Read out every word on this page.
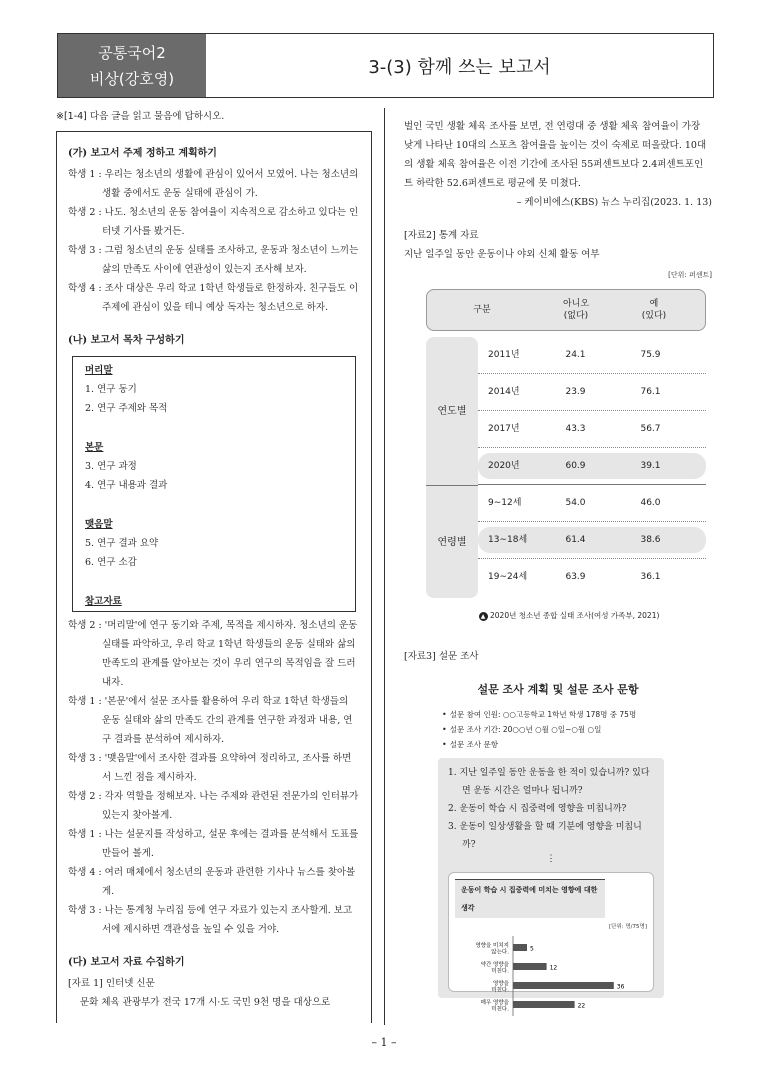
공통국어2
비상(강호영)
3-(3) 함께 쓰는 보고서
※[1-4] 다음 글을 읽고 물음에 답하시오.
(가) 보고서 주제 정하고 계획하기
학생 1 : 우리는 청소년의 생활에 관심이 있어서 모였어. 나는 청소년의 생활 중에서도 운동 실태에 관심이 가.
학생 2 : 나도. 청소년의 운동 참여율이 지속적으로 감소하고 있다는 인터넷 기사를 봤거든.
학생 3 : 그럼 청소년의 운동 실태를 조사하고, 운동과 청소년이 느끼는 삶의 만족도 사이에 연관성이 있는지 조사해 보자.
학생 4 : 조사 대상은 우리 학교 1학년 학생들로 한정하자. 친구들도 이 주제에 관심이 있을 테니 예상 독자는 청소년으로 하자.
(나) 보고서 목차 구성하기
머리말
1. 연구 동기
2. 연구 주제와 목적
본문
3. 연구 과정
4. 연구 내용과 결과
맺음말
5. 연구 결과 요약
6. 연구 소감
참고자료
학생 2 : '머리말'에 연구 동기와 주제, 목적을 제시하자. 청소년의 운동 실태를 파악하고, 우리 학교 1학년 학생들의 운동 실태와 삶의 만족도의 관계를 알아보는 것이 우리 연구의 목적임을 잘 드러내자.
학생 1 : '본문'에서 설문 조사를 활용하여 우리 학교 1학년 학생들의 운동 실태와 삶의 만족도 간의 관계를 연구한 과정과 내용, 연구 결과를 분석하여 제시하자.
학생 3 : '맺음말'에서 조사한 결과를 요약하여 정리하고, 조사를 하면서 느낀 점을 제시하자.
학생 2 : 각자 역할을 정해보자. 나는 주제와 관련된 전문가의 인터뷰가 있는지 찾아볼게.
학생 1 : 나는 설문지를 작성하고, 설문 후에는 결과를 분석해서 도표를 만들어 볼게.
학생 4 : 여러 매체에서 청소년의 운동과 관련한 기사나 뉴스를 찾아볼게.
학생 3 : 나는 통계청 누리집 등에 연구 자료가 있는지 조사할게. 보고서에 제시하면 객관성을 높일 수 있을 거야.
(다) 보고서 자료 수집하기
[자료 1] 인터넷 신문
문화 체육 관광부가 전국 17개 시·도 국민 9천 명을 대상으로
벌인 국민 생활 체육 조사를 보면, 전 연령대 중 생활 체육 참여율이 가장 낮게 나타난 10대의 스포츠 참여율을 높이는 것이 숙제로 떠올랐다. 10대의 생활 체육 참여율은 이전 기간에 조사된 55퍼센트보다 2.4퍼센트포인트 하락한 52.6퍼센트로 평균에 못 미쳤다.
– 케이비에스(KBS) 뉴스 누리집(2023. 1. 13)
[자료2] 통계 자료
지난 일주일 동안 운동이나 야외 신체 활동 여부
[단위: 퍼센트]
구분
아니오
(없다)
예
(있다)
연도별
연령별
2011년	24.1	75.9
2014년	23.9	76.1
2017년	43.3	56.7
2020년	60.9	39.1
9∼12세	54.0	46.0
13∼18세	61.4	38.6
19∼24세	63.9	36.1
▲ 2020년 청소년 종합 실태 조사(여성 가족부, 2021)
[자료3] 설문 조사
설문 조사 계획 및 설문 조사 문항
• 설문 참여 인원: ○○고등학교 1학년 학생 178명 중 75명
• 설문 조사 기간: 20○○년 ○월 ○일~○월 ○일
• 설문 조사 문항
1. 지난 일주일 동안 운동을 한 적이 있습니까? 있다면 운동 시간은 얼마나 됩니까?
2. 운동이 학습 시 집중력에 영향을 미칩니까?
3. 운동이 일상생활을 할 때 기분에 영향을 미칩니까?
⋮
운동이 학습 시 집중력에 미치는 영향에 대한 생각
[단위: 명/75명]
영향을 미치지 않는다.	5
약간 영향을 미친다.	12
영향을 미친다.	36
매우 영향을 미친다.	22
– 1 –
